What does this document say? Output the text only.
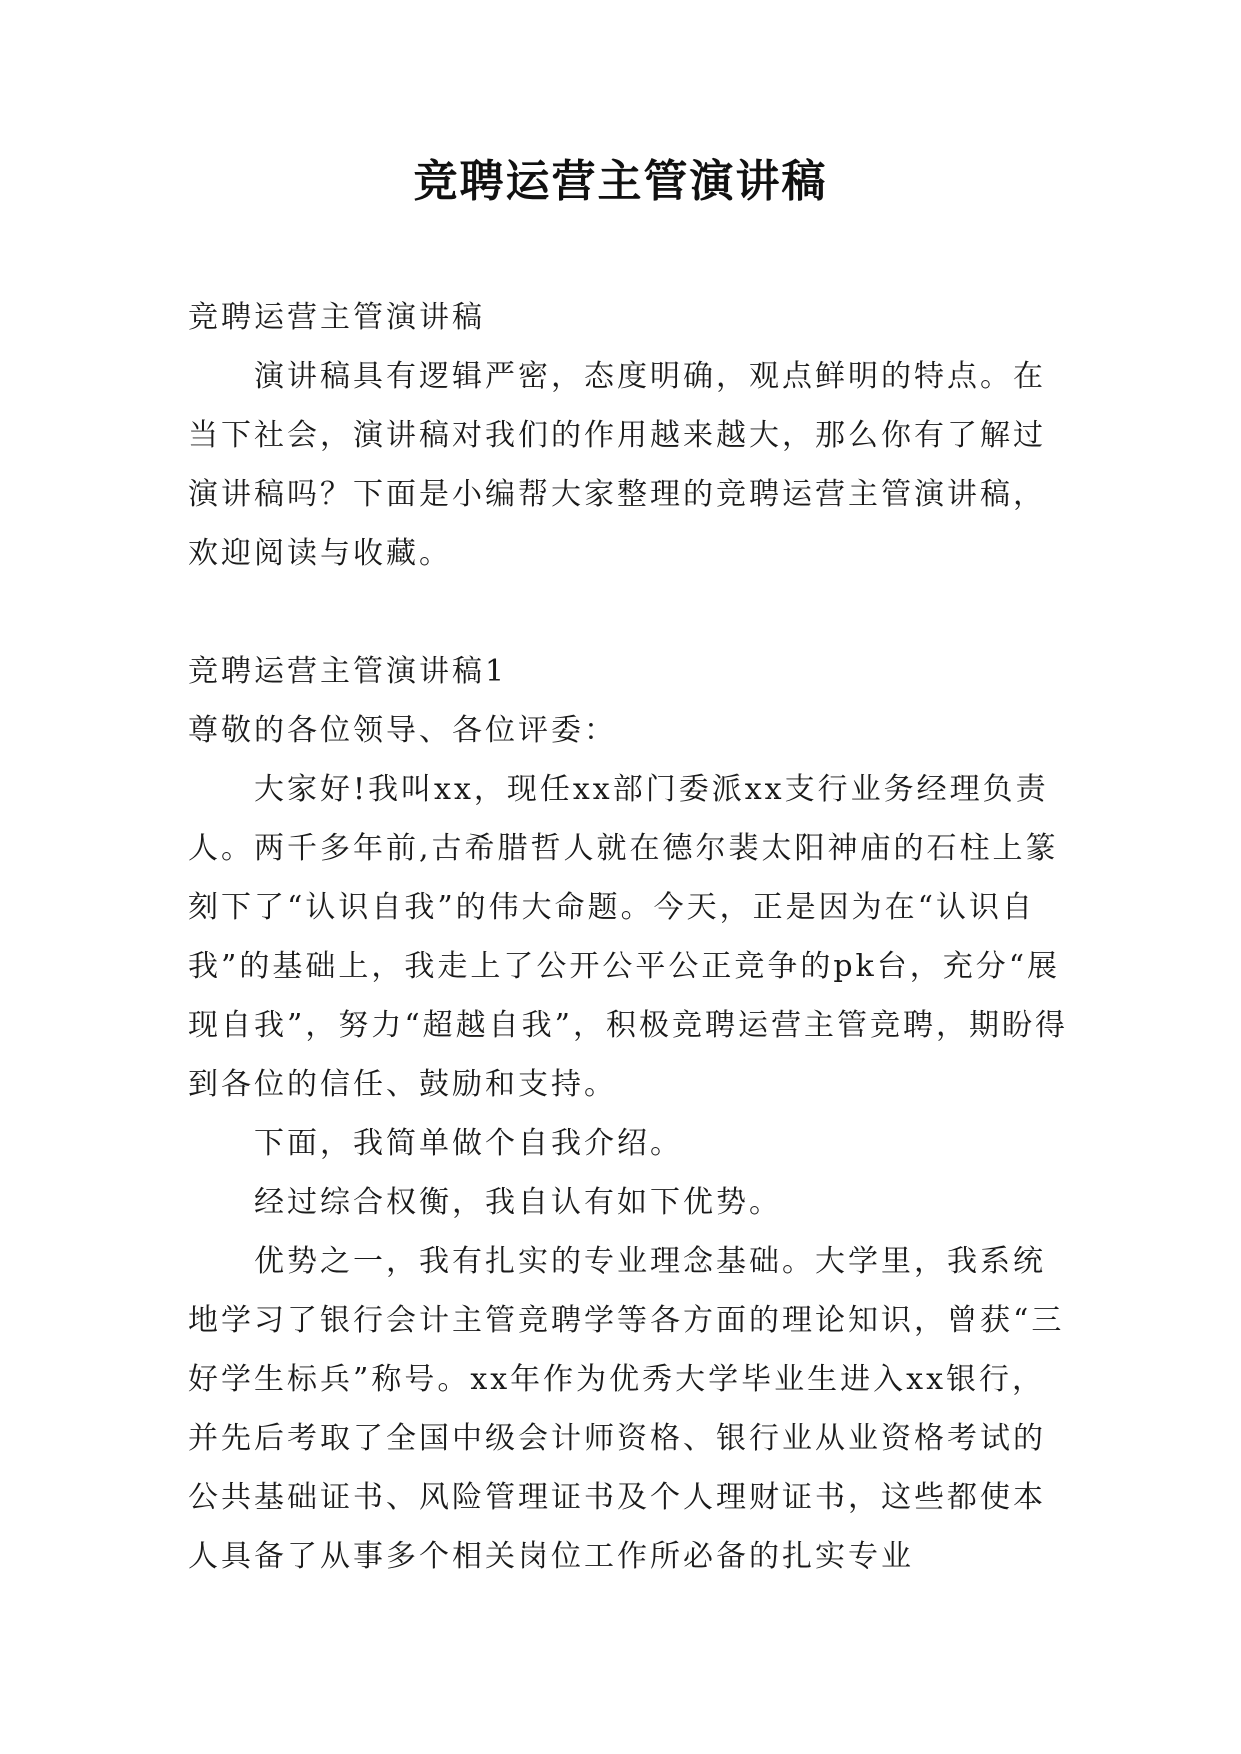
竞聘运营主管演讲稿

竞聘运营主管演讲稿

演讲稿具有逻辑严密，态度明确，观点鲜明的特点。在当下社会，演讲稿对我们的作用越来越大，那么你有了解过演讲稿吗？下面是小编帮大家整理的竞聘运营主管演讲稿，欢迎阅读与收藏。

竞聘运营主管演讲稿1

尊敬的各位领导、各位评委：

大家好!我叫xx，现任xx部门委派xx支行业务经理负责人。两千多年前,古希腊哲人就在德尔裴太阳神庙的石柱上篆刻下了“认识自我”的伟大命题。今天，正是因为在“认识自我”的基础上，我走上了公开公平公正竞争的pk台，充分“展现自我”，努力“超越自我”，积极竞聘运营主管竞聘，期盼得到各位的信任、鼓励和支持。

下面，我简单做个自我介绍。

经过综合权衡，我自认有如下优势。

优势之一，我有扎实的专业理念基础。大学里，我系统地学习了银行会计主管竞聘学等各方面的理论知识，曾获“三好学生标兵”称号。xx年作为优秀大学毕业生进入xx银行，并先后考取了全国中级会计师资格、银行业从业资格考试的公共基础证书、风险管理证书及个人理财证书，这些都使本人具备了从事多个相关岗位工作所必备的扎实专业
